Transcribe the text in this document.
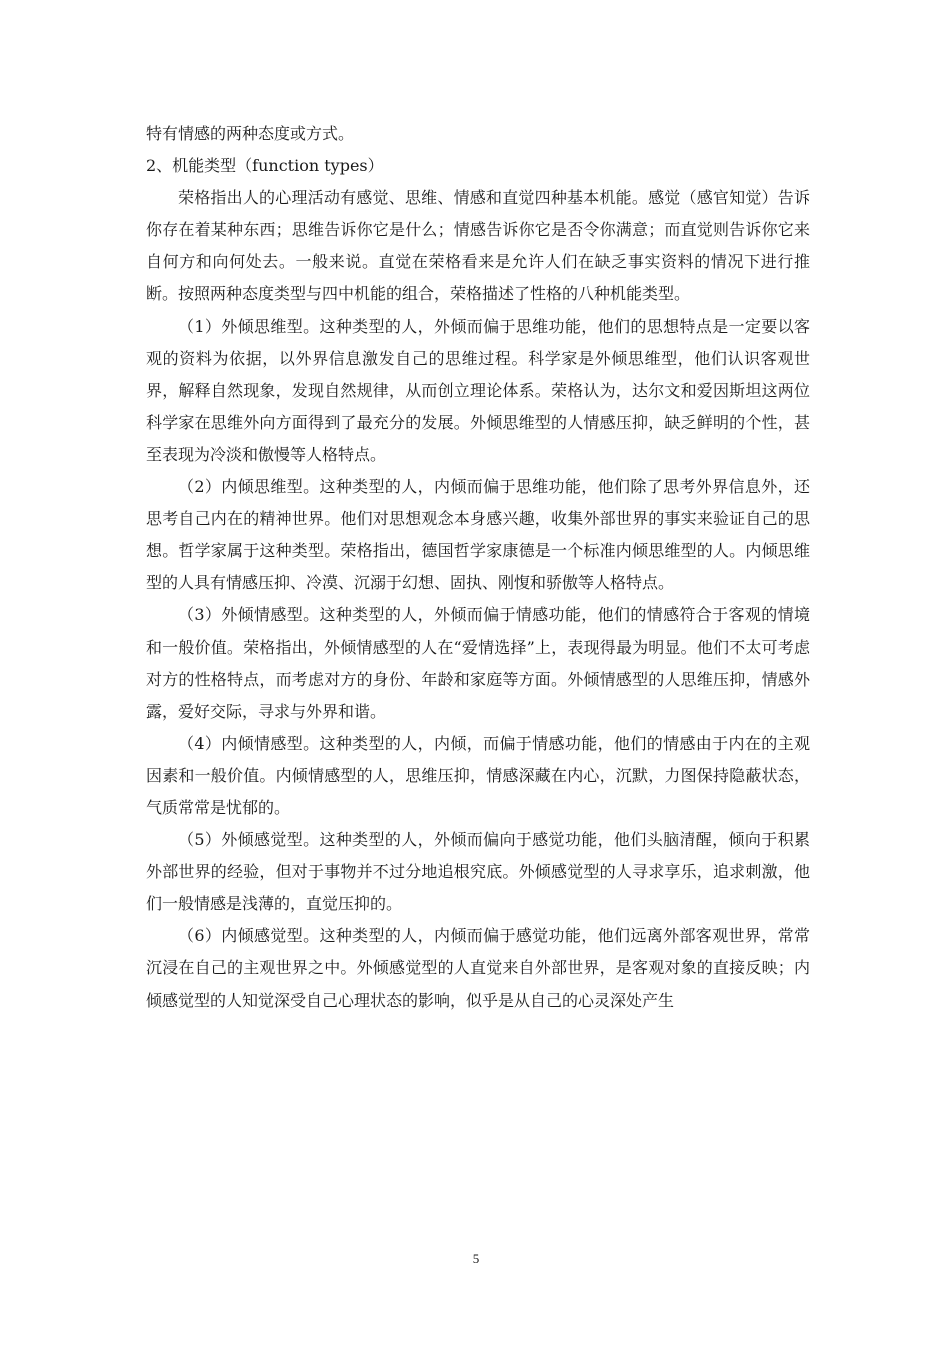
特有情感的两种态度或方式。

2、机能类型（function types）

荣格指出人的心理活动有感觉、思维、情感和直觉四种基本机能。感觉（感官知觉）告诉你存在着某种东西；思维告诉你它是什么；情感告诉你它是否令你满意；而直觉则告诉你它来自何方和向何处去。一般来说。直觉在荣格看来是允许人们在缺乏事实资料的情况下进行推断。按照两种态度类型与四中机能的组合，荣格描述了性格的八种机能类型。

（1）外倾思维型。这种类型的人，外倾而偏于思维功能，他们的思想特点是一定要以客观的资料为依据，以外界信息激发自己的思维过程。科学家是外倾思维型，他们认识客观世界，解释自然现象，发现自然规律，从而创立理论体系。荣格认为，达尔文和爱因斯坦这两位科学家在思维外向方面得到了最充分的发展。外倾思维型的人情感压抑，缺乏鲜明的个性，甚至表现为冷淡和傲慢等人格特点。

（2）内倾思维型。这种类型的人，内倾而偏于思维功能，他们除了思考外界信息外，还思考自己内在的精神世界。他们对思想观念本身感兴趣，收集外部世界的事实来验证自己的思想。哲学家属于这种类型。荣格指出，德国哲学家康德是一个标准内倾思维型的人。内倾思维型的人具有情感压抑、冷漠、沉溺于幻想、固执、刚愎和骄傲等人格特点。

（3）外倾情感型。这种类型的人，外倾而偏于情感功能，他们的情感符合于客观的情境和一般价值。荣格指出，外倾情感型的人在“爱情选择”上，表现得最为明显。他们不太可考虑对方的性格特点，而考虑对方的身份、年龄和家庭等方面。外倾情感型的人思维压抑，情感外露，爱好交际，寻求与外界和谐。

（4）内倾情感型。这种类型的人，内倾，而偏于情感功能，他们的情感由于内在的主观因素和一般价值。内倾情感型的人，思维压抑，情感深藏在内心，沉默，力图保持隐蔽状态，气质常常是忧郁的。

（5）外倾感觉型。这种类型的人，外倾而偏向于感觉功能，他们头脑清醒，倾向于积累外部世界的经验，但对于事物并不过分地追根究底。外倾感觉型的人寻求享乐，追求刺激，他们一般情感是浅薄的，直觉压抑的。

（6）内倾感觉型。这种类型的人，内倾而偏于感觉功能，他们远离外部客观世界，常常沉浸在自己的主观世界之中。外倾感觉型的人直觉来自外部世界，是客观对象的直接反映；内倾感觉型的人知觉深受自己心理状态的影响，似乎是从自己的心灵深处产生

5
